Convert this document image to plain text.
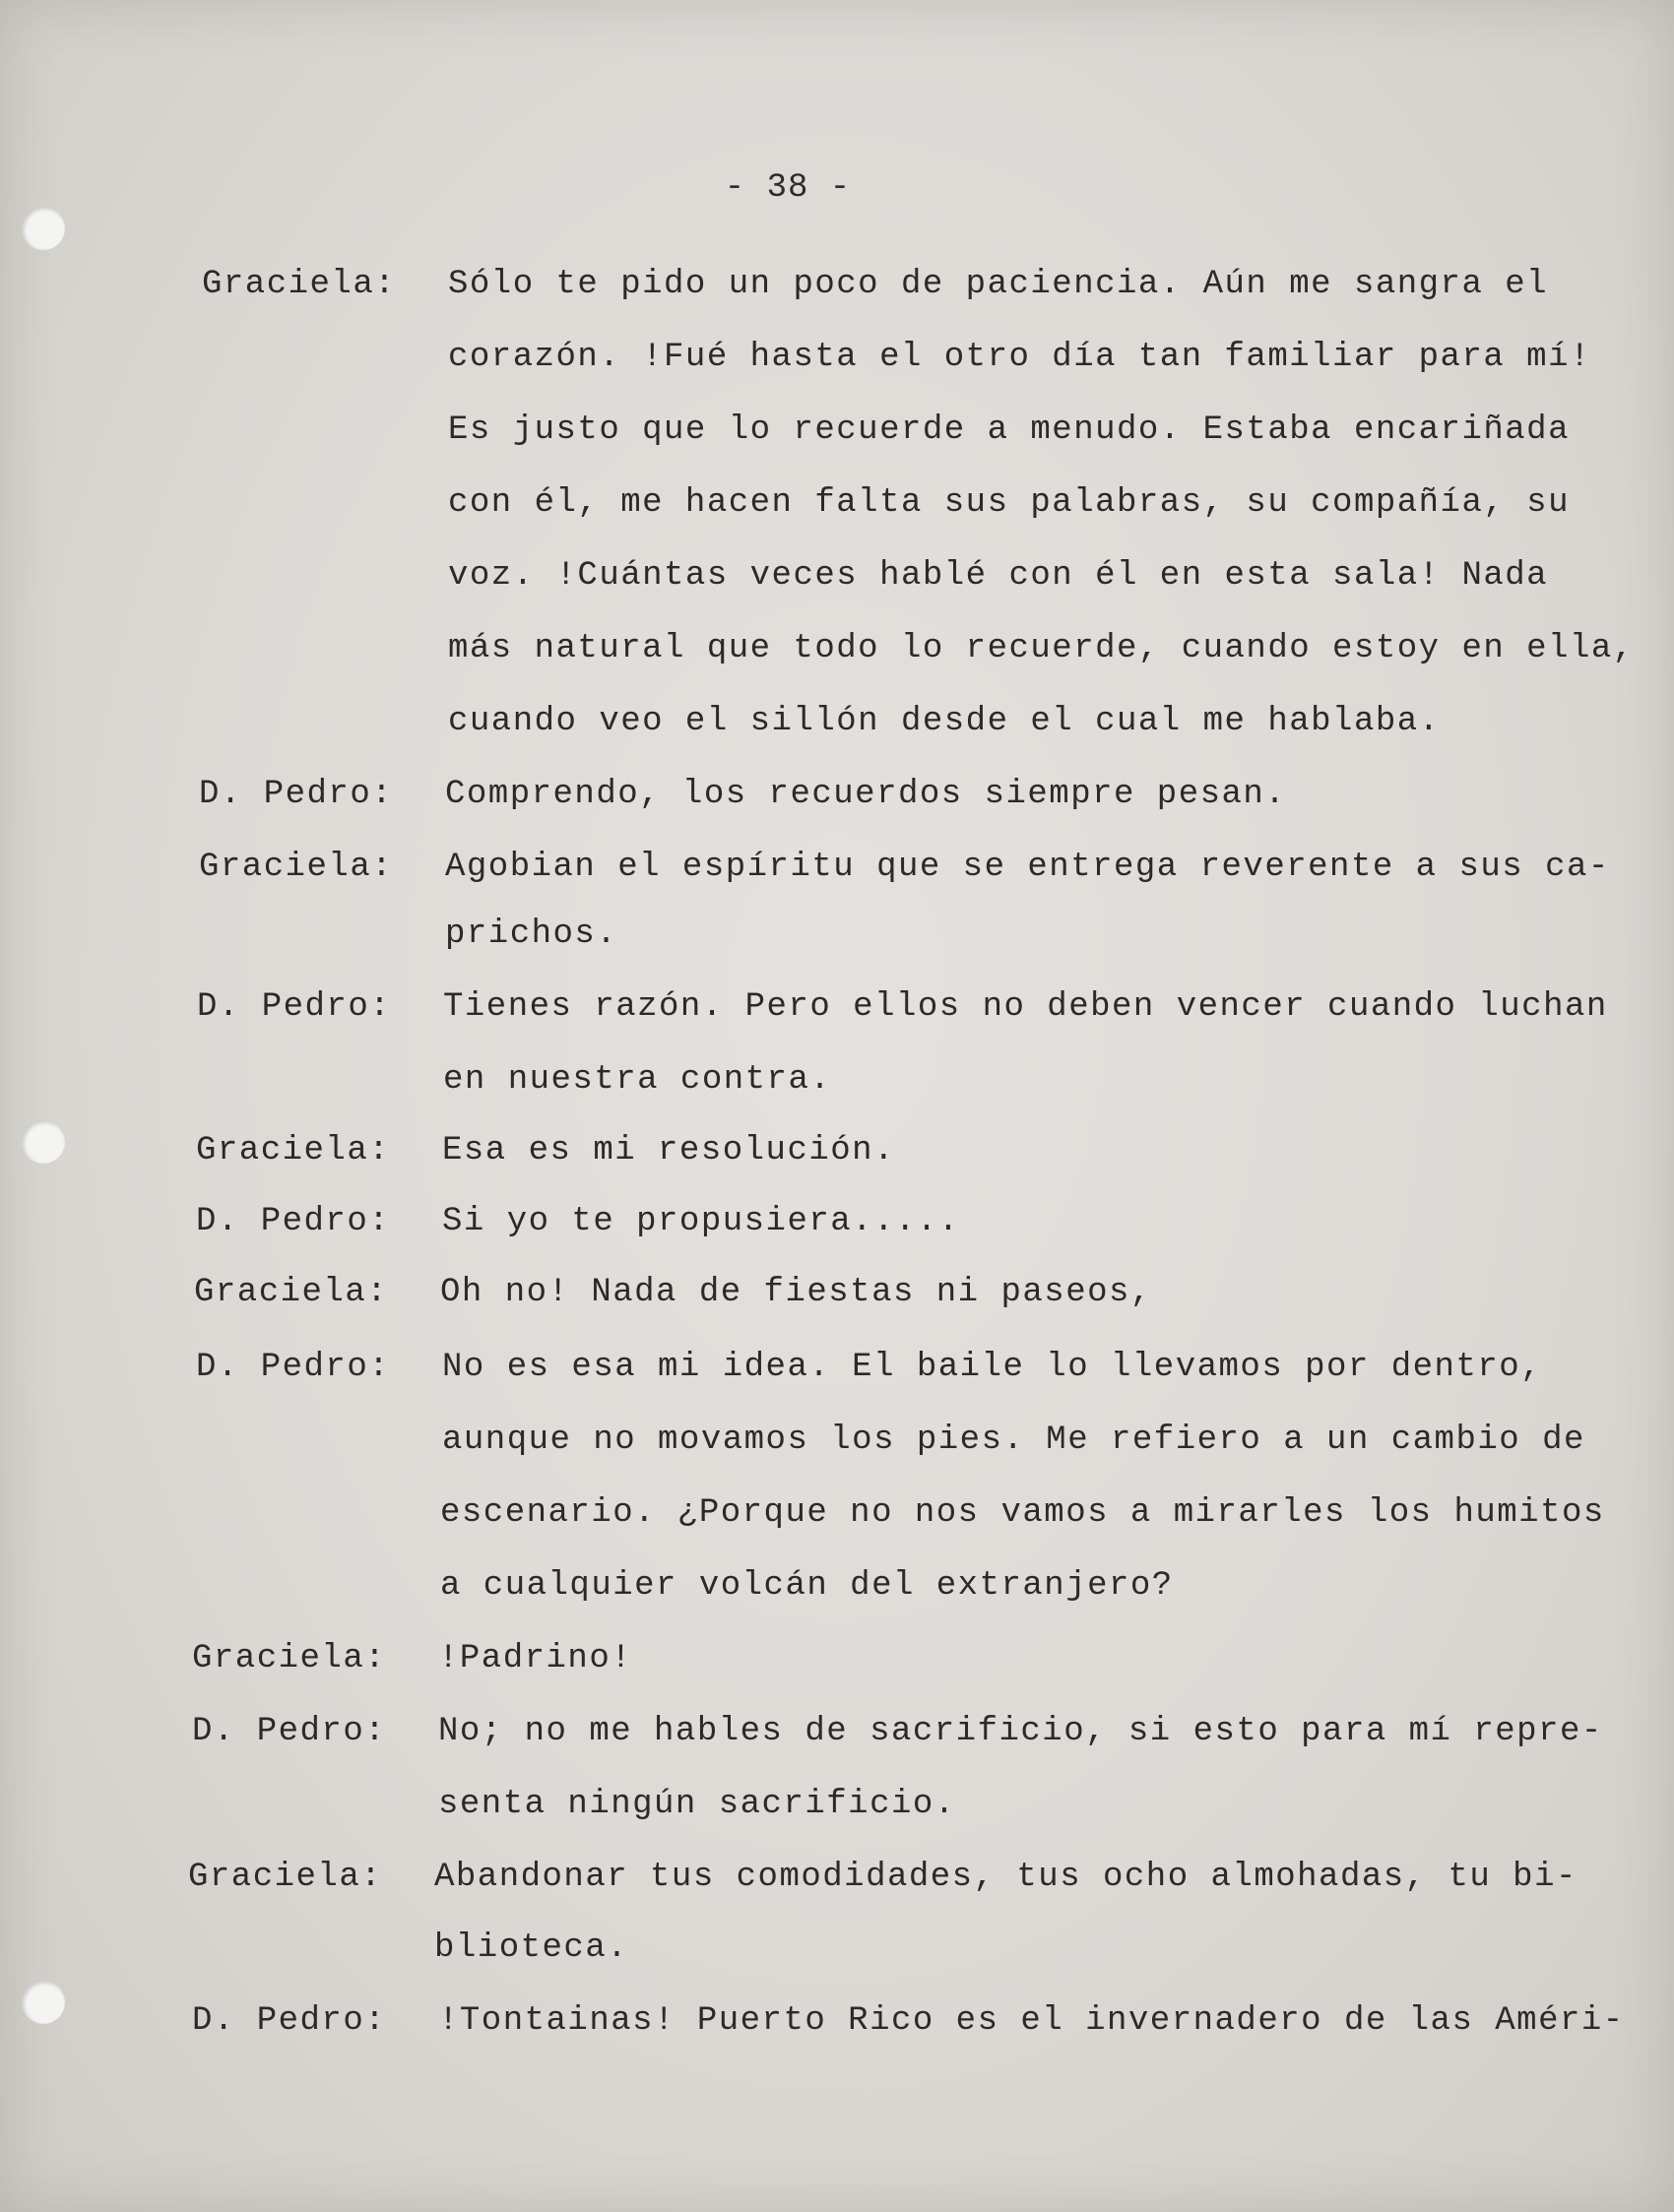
- 38 -
Graciela: Sólo te pido un poco de paciencia. Aún me sangra el
corazón. !Fué hasta el otro día tan familiar para mí!
Es justo que lo recuerde a menudo. Estaba encariñada
con él, me hacen falta sus palabras, su compañía, su
voz. !Cuántas veces hablé con él en esta sala! Nada
más natural que todo lo recuerde, cuando estoy en ella,
cuando veo el sillón desde el cual me hablaba.
D. Pedro: Comprendo, los recuerdos siempre pesan.
Graciela: Agobian el espíritu que se entrega reverente a sus ca-
prichos.
D. Pedro: Tienes razón. Pero ellos no deben vencer cuando luchan
en nuestra contra.
Graciela: Esa es mi resolución.
D. Pedro: Si yo te propusiera.....
Graciela: Oh no! Nada de fiestas ni paseos,
D. Pedro: No es esa mi idea. El baile lo llevamos por dentro,
aunque no movamos los pies. Me refiero a un cambio de
escenario. ¿Porque no nos vamos a mirarles los humitos
a cualquier volcán del extranjero?
Graciela: !Padrino!
D. Pedro: No; no me hables de sacrificio, si esto para mí repre-
senta ningún sacrificio.
Graciela: Abandonar tus comodidades, tus ocho almohadas, tu bi-
blioteca.
D. Pedro: !Tontainas! Puerto Rico es el invernadero de las Améri-
